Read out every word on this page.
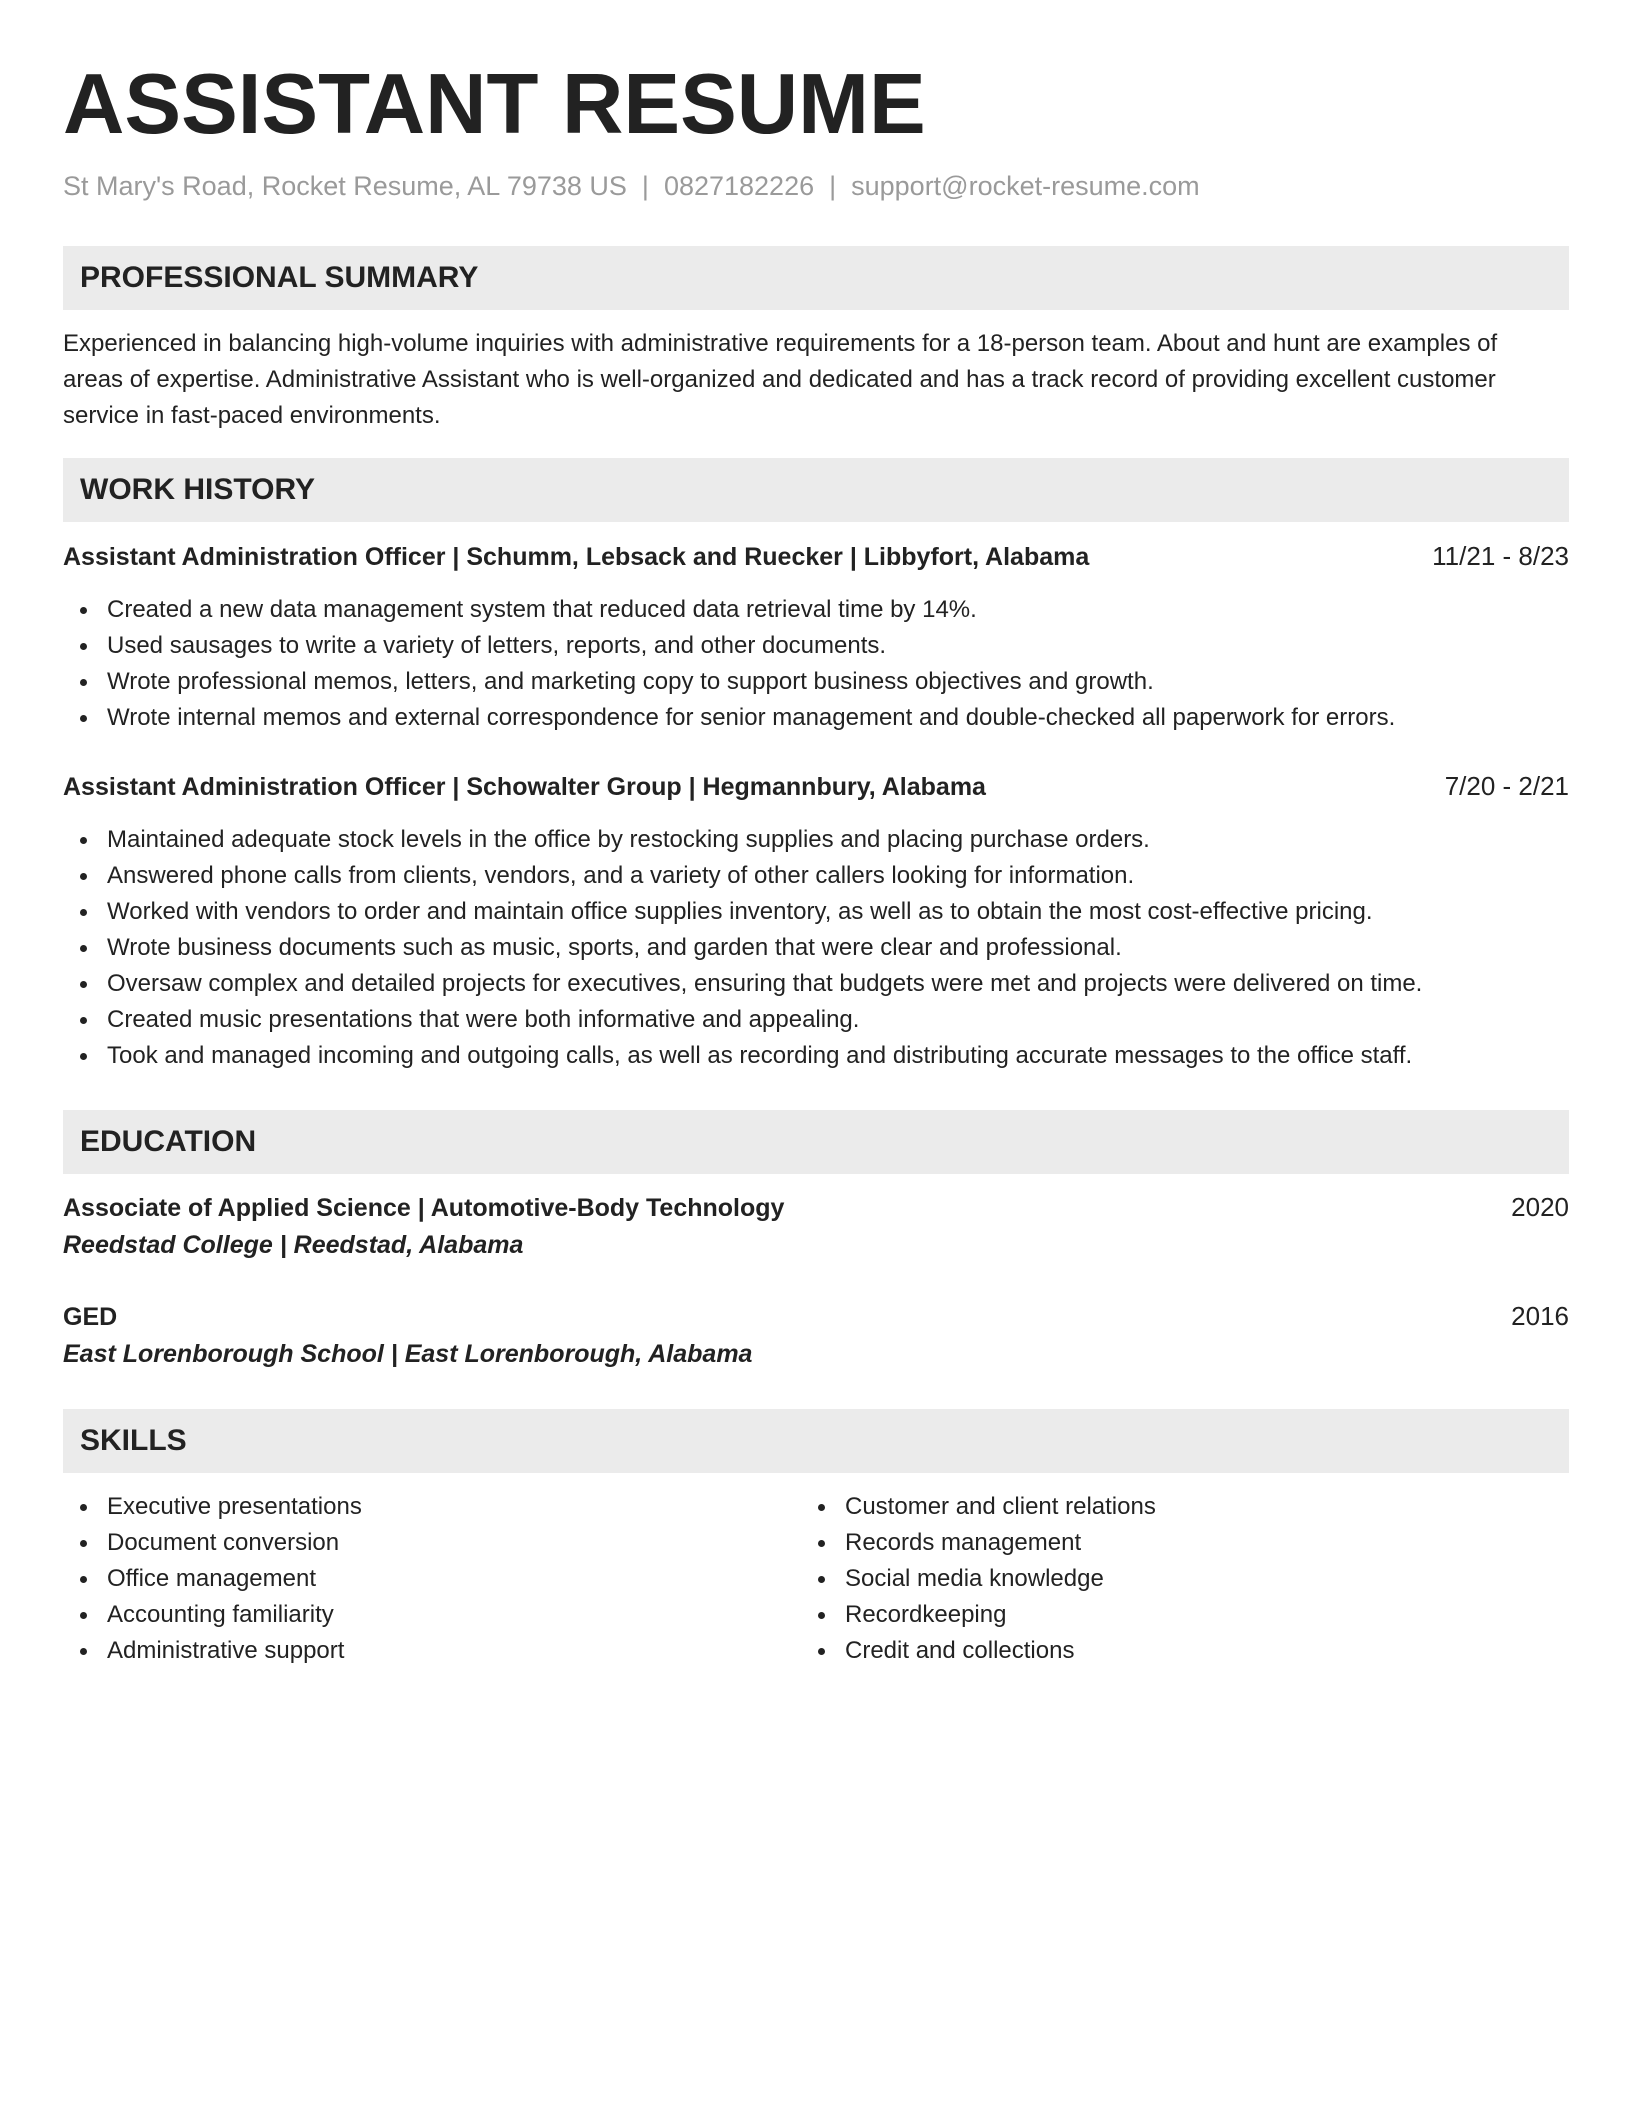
ASSISTANT RESUME
St Mary's Road, Rocket Resume, AL 79738 US | 0827182226 | support@rocket-resume.com
PROFESSIONAL SUMMARY
Experienced in balancing high-volume inquiries with administrative requirements for a 18-person team. About and hunt are examples of areas of expertise. Administrative Assistant who is well-organized and dedicated and has a track record of providing excellent customer service in fast-paced environments.
WORK HISTORY
Assistant Administration Officer | Schumm, Lebsack and Ruecker | Libbyfort, Alabama	11/21 - 8/23
Created a new data management system that reduced data retrieval time by 14%.
Used sausages to write a variety of letters, reports, and other documents.
Wrote professional memos, letters, and marketing copy to support business objectives and growth.
Wrote internal memos and external correspondence for senior management and double-checked all paperwork for errors.
Assistant Administration Officer | Schowalter Group | Hegmannbury, Alabama	7/20 - 2/21
Maintained adequate stock levels in the office by restocking supplies and placing purchase orders.
Answered phone calls from clients, vendors, and a variety of other callers looking for information.
Worked with vendors to order and maintain office supplies inventory, as well as to obtain the most cost-effective pricing.
Wrote business documents such as music, sports, and garden that were clear and professional.
Oversaw complex and detailed projects for executives, ensuring that budgets were met and projects were delivered on time.
Created music presentations that were both informative and appealing.
Took and managed incoming and outgoing calls, as well as recording and distributing accurate messages to the office staff.
EDUCATION
Associate of Applied Science | Automotive-Body Technology	2020
Reedstad College | Reedstad, Alabama
GED	2016
East Lorenborough School | East Lorenborough, Alabama
SKILLS
Executive presentations
Document conversion
Office management
Accounting familiarity
Administrative support
Customer and client relations
Records management
Social media knowledge
Recordkeeping
Credit and collections
